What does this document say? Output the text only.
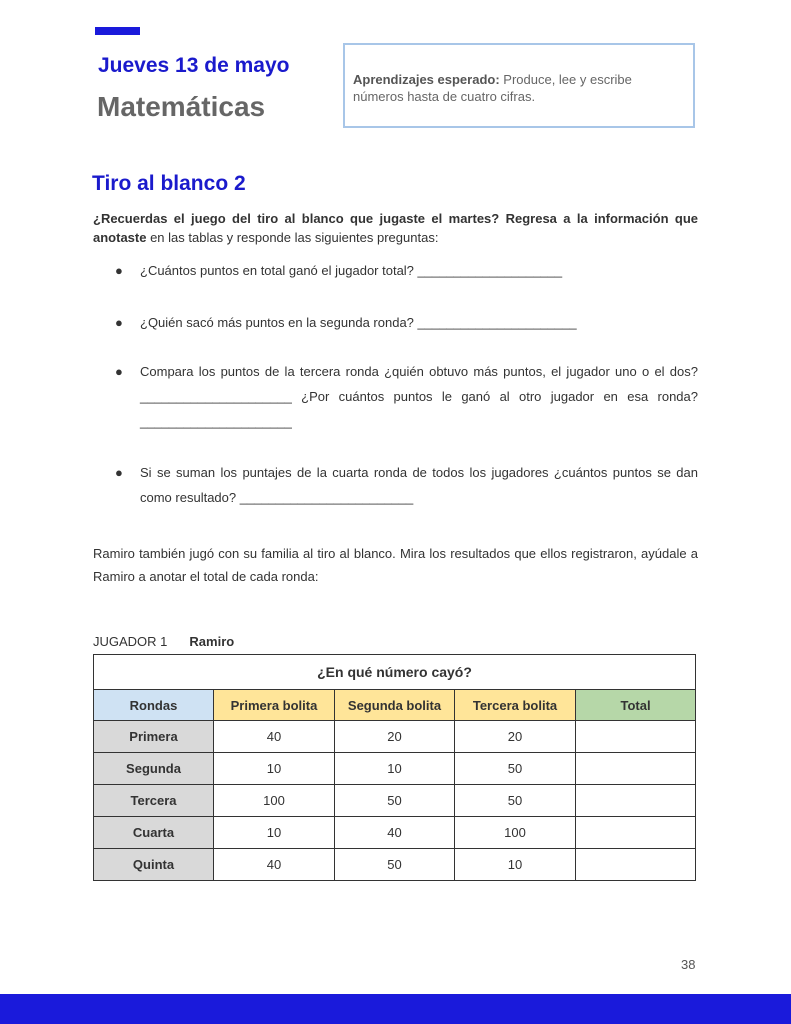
Jueves 13 de mayo
Matemáticas
Aprendizajes esperado: Produce, lee y escribe números hasta de cuatro cifras.
Tiro al blanco 2
¿Recuerdas el juego del tiro al blanco que jugaste el martes? Regresa a la información que anotaste en las tablas y responde las siguientes preguntas:
● ¿Cuántos puntos en total ganó el jugador total? ____________________
● ¿Quién sacó más puntos en la segunda ronda? ______________________
● Compara los puntos de la tercera ronda ¿quién obtuvo más puntos, el jugador uno o el dos? _____________________ ¿Por cuántos puntos le ganó al otro jugador en esa ronda? _____________________
● Si se suman los puntajes de la cuarta ronda de todos los jugadores ¿cuántos puntos se dan como resultado? ________________________
Ramiro también jugó con su familia al tiro al blanco. Mira los resultados que ellos registraron, ayúdale a Ramiro a anotar el total de cada ronda:
JUGADOR 1 Ramiro
¿En qué número cayó?				
Rondas	Primera bolita	Segunda bolita	Tercera bolita	Total
Primera	40	20	20	
Segunda	10	10	50	
Tercera	100	50	50	
Cuarta	10	40	100	
Quinta	40	50	10	
38
